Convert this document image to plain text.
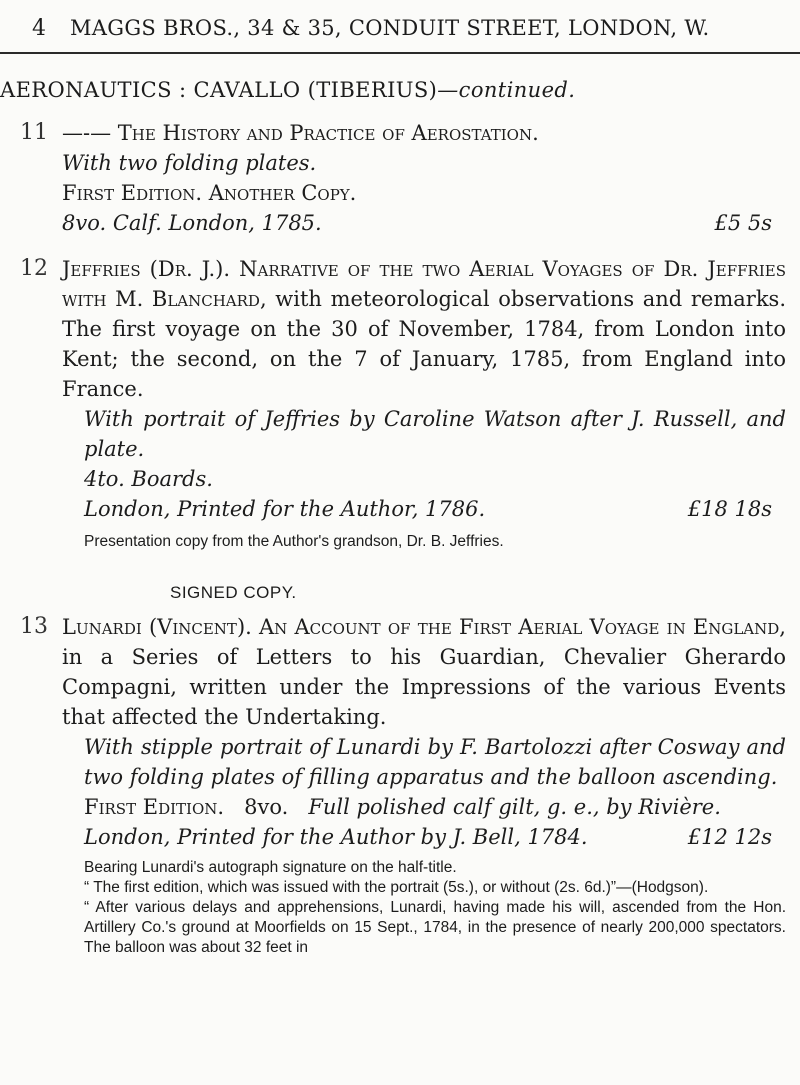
4 MAGGS BROS., 34 & 35, CONDUIT STREET, LONDON, W.
AERONAUTICS : CAVALLO (TIBERIUS)—continued.
11 —-— The History and Practice of Aerostation.

With two folding plates.

First Edition. Another Copy.

8vo. Calf. London, 1785.	£5 5s

12 Jeffries (Dr. J.). Narrative of the two Aerial Voyages of Dr. Jeffries with M. Blanchard, with meteorological observations and remarks. The first voyage on the 30 of November, 1784, from London into Kent; the second, on the 7 of January, 1785, from England into France.

With portrait of Jeffries by Caroline Watson after J. Russell, and plate.

4to. Boards.

London, Printed for the Author, 1786.	£18 18s

Presentation copy from the Author's grandson, Dr. B. Jeffries.

SIGNED COPY.
13 Lunardi (Vincent). An Account of the First Aerial Voyage in England, in a Series of Letters to his Guardian, Chevalier Gherardo Compagni, written under the Impressions of the various Events that affected the Undertaking.

With stipple portrait of Lunardi by F. Bartolozzi after Cosway and two folding plates of filling apparatus and the balloon ascending.

First Edition. 8vo. Full polished calf gilt, g. e., by Rivière.

London, Printed for the Author by J. Bell, 1784.	£12 12s

Bearing Lunardi's autograph signature on the half-title.

“ The first edition, which was issued with the portrait (5s.), or without (2s. 6d.)”—(Hodgson).

“ After various delays and apprehensions, Lunardi, having made his will, ascended from the Hon. Artillery Co.'s ground at Moorfields on 15 Sept., 1784, in the presence of nearly 200,000 spectators. The balloon was about 32 feet in
